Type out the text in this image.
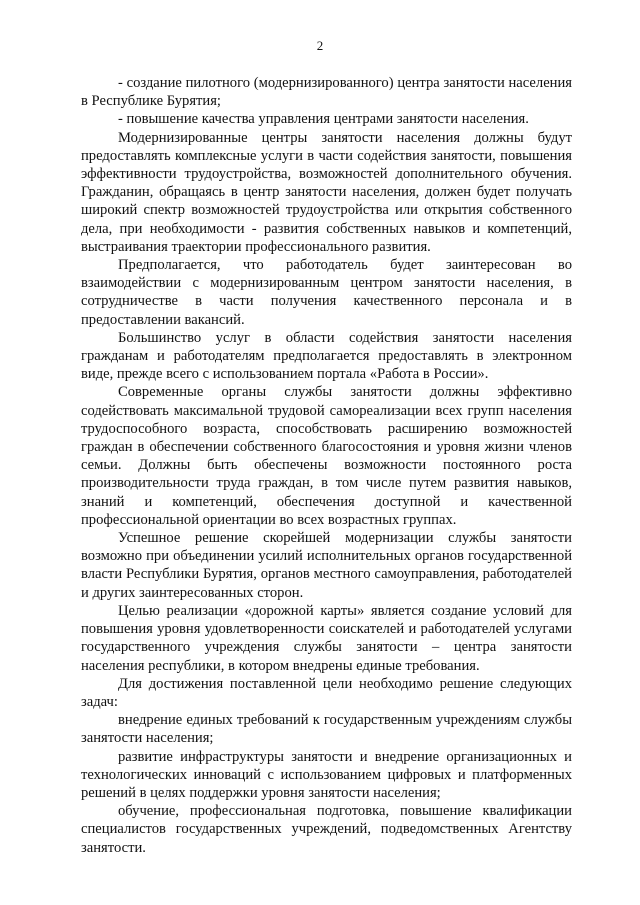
2

- создание пилотного (модернизированного) центра занятости населения в Республике Бурятия;

- повышение качества управления центрами занятости населения.

Модернизированные центры занятости населения должны будут предоставлять комплексные услуги в части содействия занятости, повышения эффективности трудоустройства, возможностей дополнительного обучения. Гражданин, обращаясь в центр занятости населения, должен будет получать широкий спектр возможностей трудоустройства или открытия собственного дела, при необходимости - развития собственных навыков и компетенций, выстраивания траектории профессионального развития.

Предполагается, что работодатель будет заинтересован во взаимодействии с модернизированным центром занятости населения, в сотрудничестве в части получения качественного персонала и в предоставлении вакансий.

Большинство услуг в области содействия занятости населения гражданам и работодателям предполагается предоставлять в электронном виде, прежде всего с использованием портала «Работа в России».

Современные органы службы занятости должны эффективно содействовать максимальной трудовой самореализации всех групп населения трудоспособного возраста, способствовать расширению возможностей граждан в обеспечении собственного благосостояния и уровня жизни членов семьи. Должны быть обеспечены возможности постоянного роста производительности труда граждан, в том числе путем развития навыков, знаний и компетенций, обеспечения доступной и качественной профессиональной ориентации во всех возрастных группах.

Успешное решение скорейшей модернизации службы занятости возможно при объединении усилий исполнительных органов государственной власти Республики Бурятия, органов местного самоуправления, работодателей и других заинтересованных сторон.

Целью реализации «дорожной карты» является создание условий для повышения уровня удовлетворенности соискателей и работодателей услугами государственного учреждения службы занятости – центра занятости населения республики, в котором внедрены единые требования.

Для достижения поставленной цели необходимо решение следующих задач:

внедрение единых требований к государственным учреждениям службы занятости населения;

развитие инфраструктуры занятости и внедрение организационных и технологических инноваций с использованием цифровых и платформенных решений в целях поддержки уровня занятости населения;

обучение, профессиональная подготовка, повышение квалификации специалистов государственных учреждений, подведомственных Агентству занятости.
